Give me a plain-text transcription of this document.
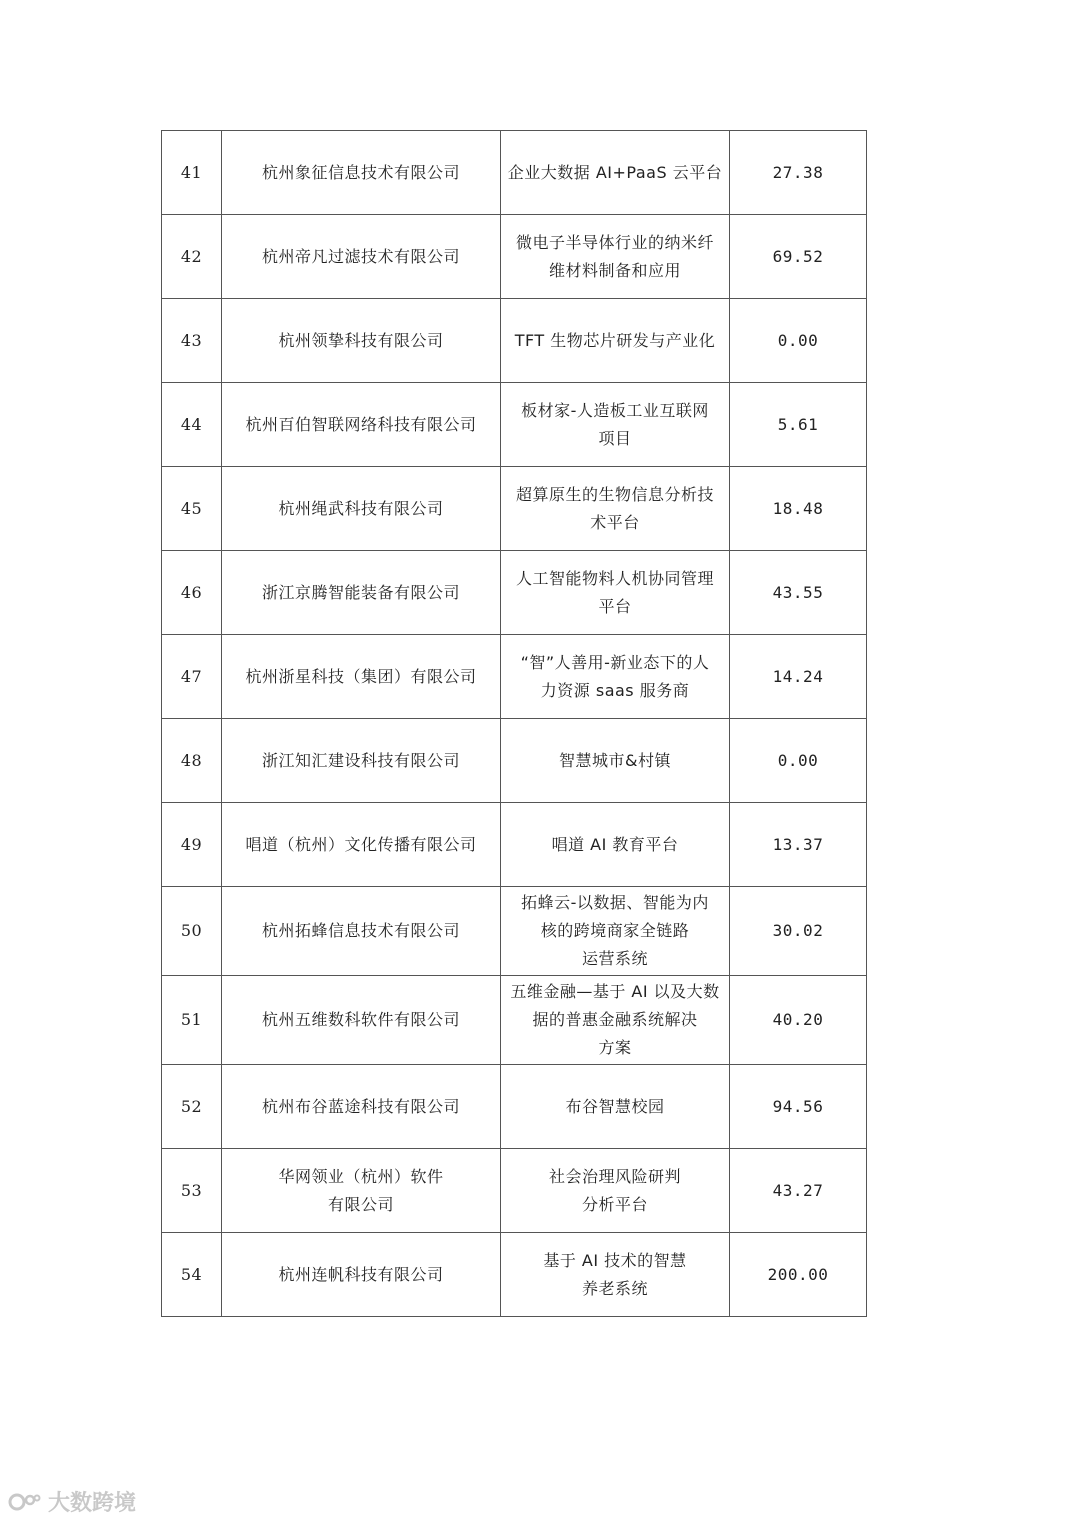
41	杭州象征信息技术有限公司	企业大数据 AI+PaaS 云平台	27.38
42	杭州帝凡过滤技术有限公司	微电子半导体行业的纳米纤
维材料制备和应用	69.52
43	杭州领挚科技有限公司	TFT 生物芯片研发与产业化	0.00
44	杭州百伯智联网络科技有限公司	板材家-人造板工业互联网
项目	5.61
45	杭州绳武科技有限公司	超算原生的生物信息分析技
术平台	18.48
46	浙江京腾智能装备有限公司	人工智能物料人机协同管理
平台	43.55
47	杭州浙星科技（集团）有限公司	“智”人善用-新业态下的人
力资源 saas 服务商	14.24
48	浙江知汇建设科技有限公司	智慧城市&村镇	0.00
49	唱道（杭州）文化传播有限公司	唱道 AI 教育平台	13.37
50	杭州拓蜂信息技术有限公司	拓蜂云-以数据、智能为内
核的跨境商家全链路
运营系统	30.02
51	杭州五维数科软件有限公司	五维金融—基于 AI 以及大数
据的普惠金融系统解决
方案	40.20
52	杭州布谷蓝途科技有限公司	布谷智慧校园	94.56
53	华网领业（杭州）软件
有限公司	社会治理风险研判
分析平台	43.27
54	杭州连帆科技有限公司	基于 AI 技术的智慧
养老系统	200.00
大数跨境
